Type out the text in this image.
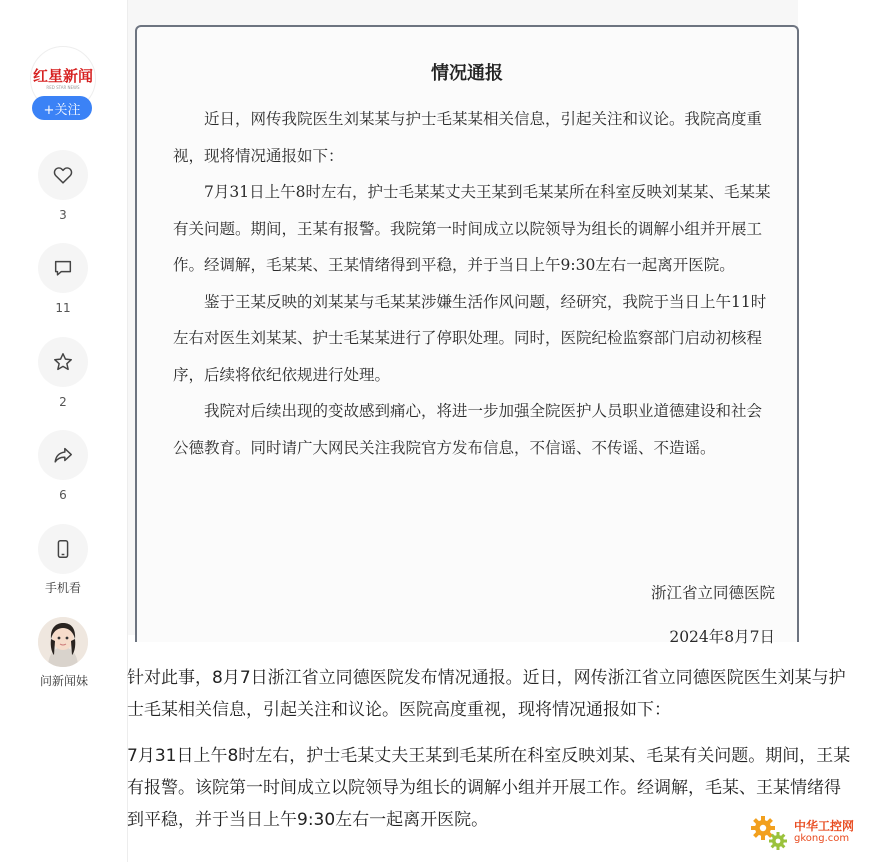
红星新闻
RED STAR NEWS
+关注
3
11
2
6
手机看
问新闻妹
情况通报

近日，网传我院医生刘某某与护士毛某某相关信息，引起关注和议论。我院高度重视，现将情况通报如下：

7月31日上午8时左右，护士毛某某丈夫王某到毛某某所在科室反映刘某某、毛某某有关问题。期间，王某有报警。我院第一时间成立以院领导为组长的调解小组并开展工作。经调解，毛某某、王某情绪得到平稳，并于当日上午9:30左右一起离开医院。

鉴于王某反映的刘某某与毛某某涉嫌生活作风问题，经研究，我院于当日上午11时左右对医生刘某某、护士毛某某进行了停职处理。同时，医院纪检监察部门启动初核程序，后续将依纪依规进行处理。

我院对后续出现的变故感到痛心，将进一步加强全院医护人员职业道德建设和社会公德教育。同时请广大网民关注我院官方发布信息，不信谣、不传谣、不造谣。

浙江省立同德医院
2024年8月7日

针对此事，8月7日浙江省立同德医院发布情况通报。近日，网传浙江省立同德医院医生刘某与护士毛某相关信息，引起关注和议论。医院高度重视，现将情况通报如下：

7月31日上午8时左右，护士毛某丈夫王某到毛某所在科室反映刘某、毛某有关问题。期间，王某有报警。该院第一时间成立以院领导为组长的调解小组并开展工作。经调解，毛某、王某情绪得到平稳，并于当日上午9:30左右一起离开医院。	中华工控网
gkong.com
